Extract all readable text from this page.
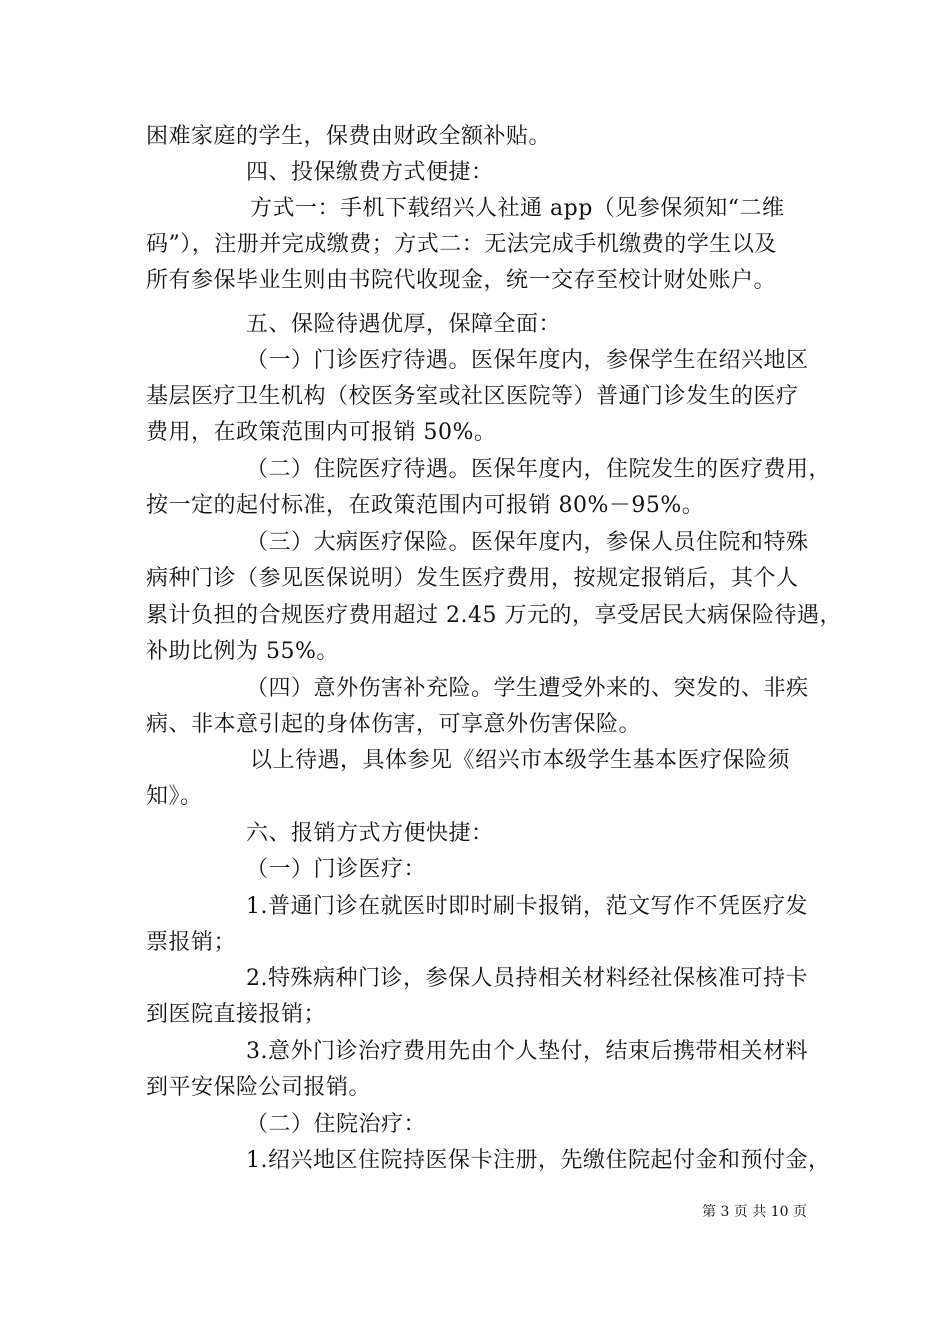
困难家庭的学生，保费由财政全额补贴。
四、投保缴费方式便捷：
方式一：手机下载绍兴人社通 app（见参保须知“二维
码”），注册并完成缴费；方式二：无法完成手机缴费的学生以及
所有参保毕业生则由书院代收现金，统一交存至校计财处账户。
五、保险待遇优厚，保障全面：
（一）门诊医疗待遇。医保年度内，参保学生在绍兴地区
基层医疗卫生机构（校医务室或社区医院等）普通门诊发生的医疗
费用，在政策范围内可报销 50%。
（二）住院医疗待遇。医保年度内，住院发生的医疗费用，
按一定的起付标准，在政策范围内可报销 80%－95%。
（三）大病医疗保险。医保年度内，参保人员住院和特殊
病种门诊（参见医保说明）发生医疗费用，按规定报销后，其个人
累计负担的合规医疗费用超过 2.45 万元的，享受居民大病保险待遇，
补助比例为 55%。
（四）意外伤害补充险。学生遭受外来的、突发的、非疾
病、非本意引起的身体伤害，可享意外伤害保险。
以上待遇，具体参见《绍兴市本级学生基本医疗保险须
知》。
六、报销方式方便快捷：
（一）门诊医疗：
1.普通门诊在就医时即时刷卡报销，范文写作不凭医疗发
票报销；
2.特殊病种门诊，参保人员持相关材料经社保核准可持卡
到医院直接报销；
3.意外门诊治疗费用先由个人垫付，结束后携带相关材料
到平安保险公司报销。
（二）住院治疗：
1.绍兴地区住院持医保卡注册，先缴住院起付金和预付金，
第 3 页 共 10 页
